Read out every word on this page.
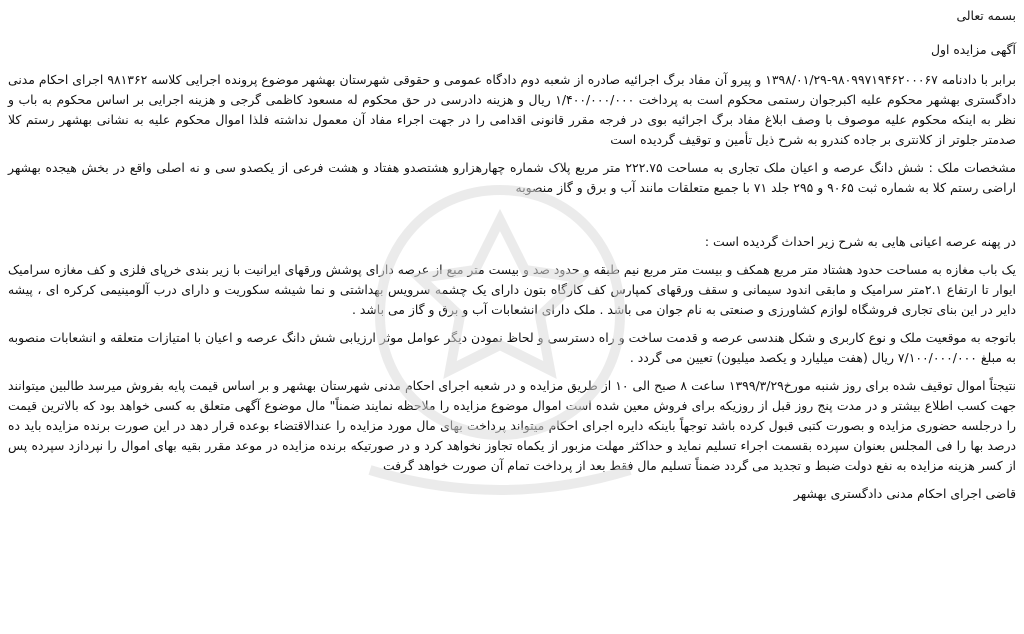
بسمه تعالی

آگهی مزایده اول

برابر با دادنامه ۹۸۰۹۹۷۱۹۴۶۲۰۰۰۶۷-۱۳۹۸/۰۱/۲۹ و پیرو آن مفاد برگ اجرائیه صادره از شعبه دوم دادگاه عمومی و حقوقی شهرستان بهشهر موضوع پرونده اجرایی کلاسه ۹۸۱۳۶۲ اجرای احکام مدنی دادگستری بهشهر محکوم علیه اکبرجوان رستمی محکوم است به پرداخت ۱/۴۰۰/۰۰۰/۰۰۰ ریال و هزینه دادرسی در حق محکوم له مسعود کاظمی گرجی و هزینه اجرایی بر اساس محکوم به باب و نظر به اینکه محکوم علیه موصوف با وصف ابلاغ مفاد برگ اجرائیه بوی در فرجه مقرر قانونی اقدامی را در جهت اجراء مفاد آن معمول نداشته فلذا اموال محکوم علیه به نشانی بهشهر رستم کلا صدمتر جلوتر از کلانتری بر جاده کندرو به شرح ذیل تأمین و توقیف گردیده است

مشخصات ملک : شش دانگ عرصه و اعیان ملک تجاری به مساحت ۲۲۲.۷۵ متر مربع پلاک شماره چهارهزارو هشتصدو هفتاد و هشت فرعی از یکصدو سی و نه اصلی واقع در بخش هیجده بهشهر اراضی رستم کلا به شماره ثبت ۹۰۶۵ و ۲۹۵ جلد ۷۱ با جمیع متعلقات مانند آب و برق و گاز منصوبه

در پهنه عرصه اعیانی هایی به شرح زیر احداث گردیده است :

یک باب مغازه به مساحت حدود هشتاد متر مربع همکف و بیست متر مربع نیم طبقه و حدود صد و بیست متر مبع از عرصه دارای پوشش ورقهای ایرانیت با زیر بندی خرپای فلزی و کف مغازه سرامیک ایوار تا ارتفاع ۲.۱متر سرامیک و مابقی اندود سیمانی و سقف ورقهای کمپارس کف کارگاه بتون دارای یک چشمه سرویس بهداشتی و نما شیشه سکوریت و دارای درب آلومینیمی کرکره ای ، پیشه دایر در این بنای تجاری فروشگاه لوازم کشاورزی و صنعتی به نام جوان می باشد . ملک دارای انشعابات آب و برق و گاز می باشد .

باتوجه به موقعیت ملک و نوع کاربری و شکل هندسی عرصه و قدمت ساخت و راه دسترسی و لحاظ نمودن دیگر عوامل موثر ارزیابی شش دانگ عرصه و اعیان با امتیازات متعلقه و انشعابات منصوبه به مبلغ ۷/۱۰۰/۰۰۰/۰۰۰ ریال (هفت میلیارد و یکصد میلیون) تعیین می گردد .

نتیجتاً اموال توقیف شده برای روز شنبه مورخ۱۳۹۹/۳/۲۹ ساعت ۸ صبح الی ۱۰ از طریق مزایده و در شعبه اجرای احکام مدنی شهرستان بهشهر و بر اساس قیمت پایه بفروش میرسد طالبین میتوانند جهت کسب اطلاع بیشتر و در مدت پنج روز قبل از روزیکه برای فروش معین شده است اموال موضوع مزایده را ملاحظه نمایند ضمناً" مال موضوع آگهی متعلق به کسی خواهد بود که بالاترین قیمت را درجلسه حضوری مزایده و بصورت کتبی قبول کرده باشد توجهاً باینکه دایره اجرای احکام میتواند پرداخت بهای مال مورد مزایده را عندالاقتضاء بوعده قرار دهد در این صورت برنده مزایده باید ده درصد بها را فی المجلس بعنوان سپرده بقسمت اجراء تسلیم نماید و حداکثر مهلت مزبور از یکماه تجاوز نخواهد کرد و در صورتیکه برنده مزایده در موعد مقرر بقیه بهای اموال را نپردازد سپرده پس از کسر هزینه مزایده به نفع دولت ضبط و تجدید می گردد ضمناً تسلیم مال فقط بعد از پرداخت تمام آن صورت خواهد گرفت

قاضی اجرای احکام مدنی دادگستری بهشهر
